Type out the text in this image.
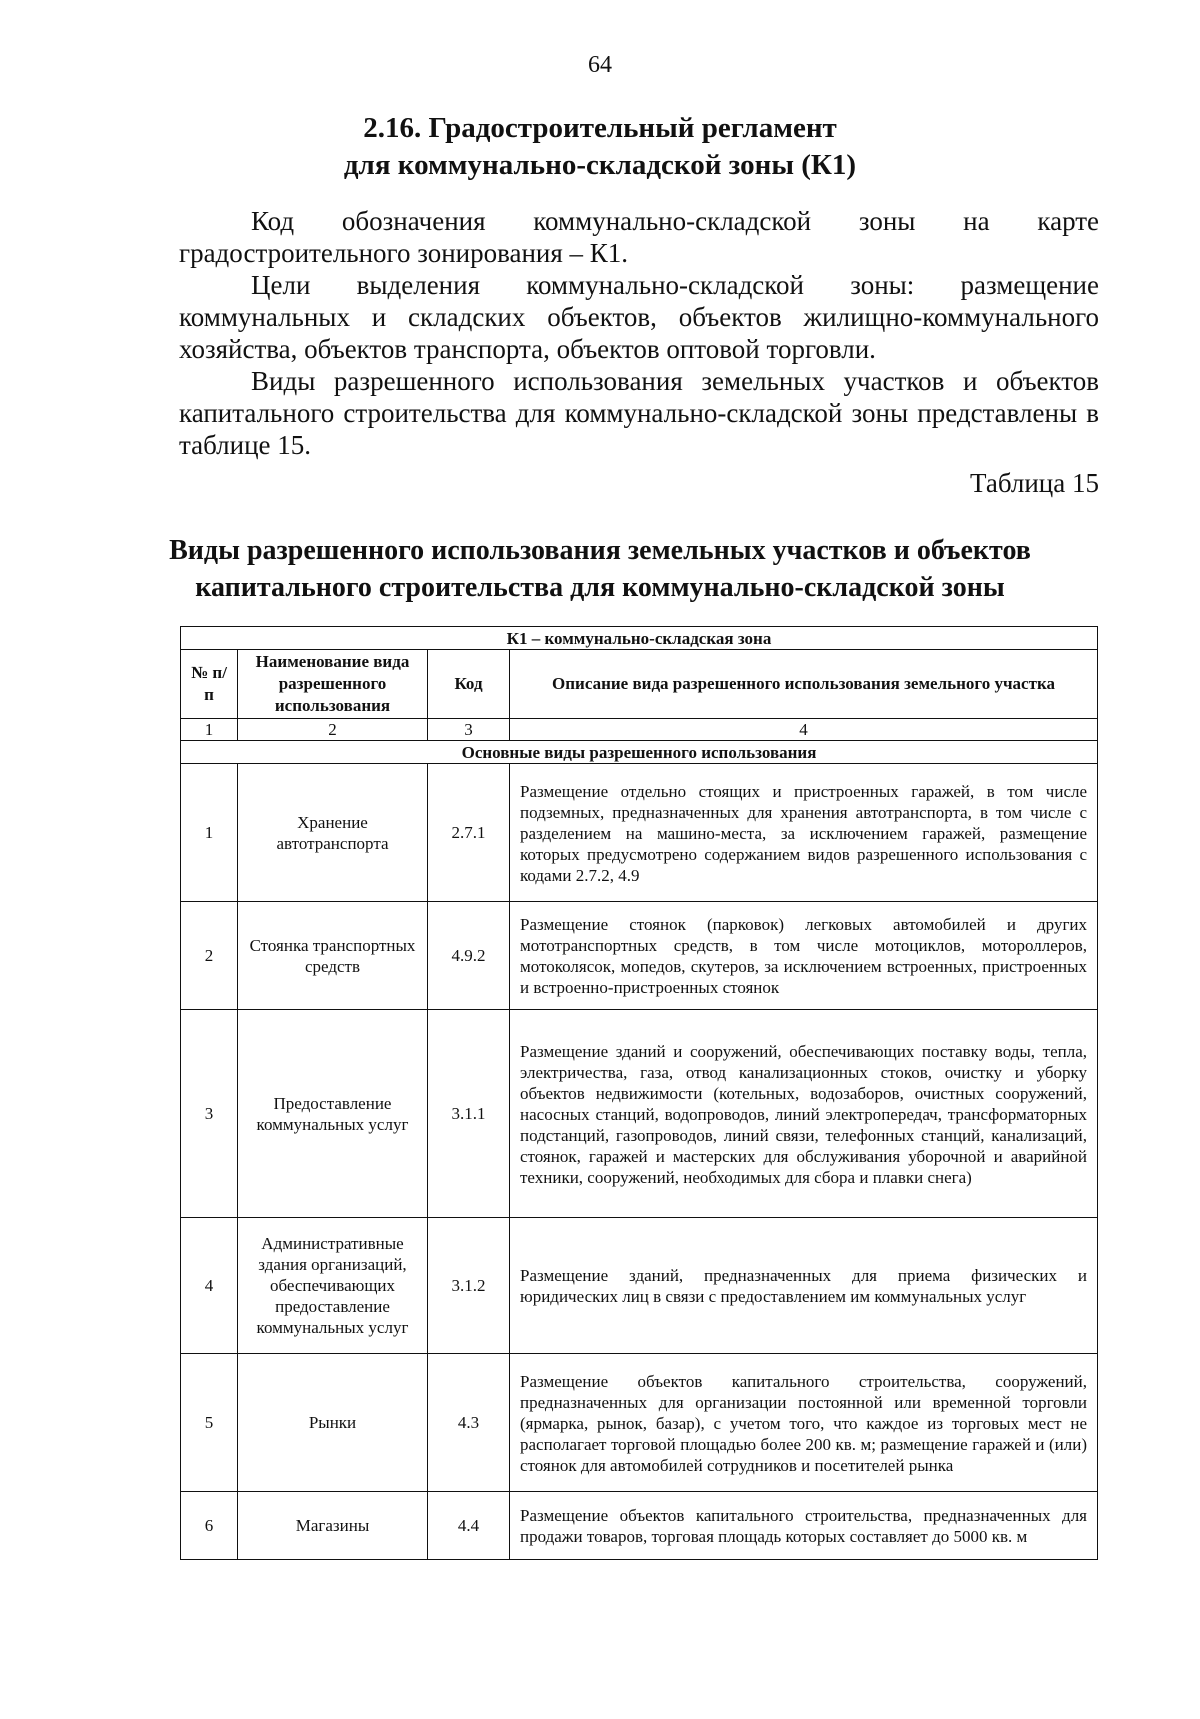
64
2.16. Градостроительный регламент
для коммунально-складской зоны (К1)

Код обозначения коммунально-складской зоны на карте градостроительного зонирования – К1.

Цели выделения коммунально-складской зоны: размещение коммунальных и складских объектов, объектов жилищно-коммунального хозяйства, объектов транспорта, объектов оптовой торговли.

Виды разрешенного использования земельных участков и объектов капитального строительства для коммунально-складской зоны представлены в таблице 15.

Таблица 15
Виды разрешенного использования земельных участков и объектов
капитального строительства для коммунально-складской зоны
К1 – коммунально-складская зона			
№ п/п	Наименование вида разрешенного использования	Код	Описание вида разрешенного использования земельного участка
1	2	3	4
Основные виды разрешенного использования			
1	Хранение автотранспорта	2.7.1	Размещение отдельно стоящих и пристроенных гаражей, в том числе подземных, предназначенных для хранения автотранспорта, в том числе с разделением на машино-места, за исключением гаражей, размещение которых предусмотрено содержанием видов разрешенного использования с кодами 2.7.2, 4.9
2	Стоянка транспортных средств	4.9.2	Размещение стоянок (парковок) легковых автомобилей и других мототранспортных средств, в том числе мотоциклов, мотороллеров, мотоколясок, мопедов, скутеров, за исключением встроенных, пристроенных и встроенно-пристроенных стоянок
3	Предоставление коммунальных услуг	3.1.1	Размещение зданий и сооружений, обеспечивающих поставку воды, тепла, электричества, газа, отвод канализационных стоков, очистку и уборку объектов недвижимости (котельных, водозаборов, очистных сооружений, насосных станций, водопроводов, линий электропередач, трансформаторных подстанций, газопроводов, линий связи, телефонных станций, канализаций, стоянок, гаражей и мастерских для обслуживания уборочной и аварийной техники, сооружений, необходимых для сбора и плавки снега)
4	Административные здания организаций, обеспечивающих предоставление коммунальных услуг	3.1.2	Размещение зданий, предназначенных для приема физических и юридических лиц в связи с предоставлением им коммунальных услуг
5	Рынки	4.3	Размещение объектов капитального строительства, сооружений, предназначенных для организации постоянной или временной торговли (ярмарка, рынок, базар), с учетом того, что каждое из торговых мест не располагает торговой площадью более 200 кв. м; размещение гаражей и (или) стоянок для автомобилей сотрудников и посетителей рынка
6	Магазины	4.4	Размещение объектов капитального строительства, предназначенных для продажи товаров, торговая площадь которых составляет до 5000 кв. м
